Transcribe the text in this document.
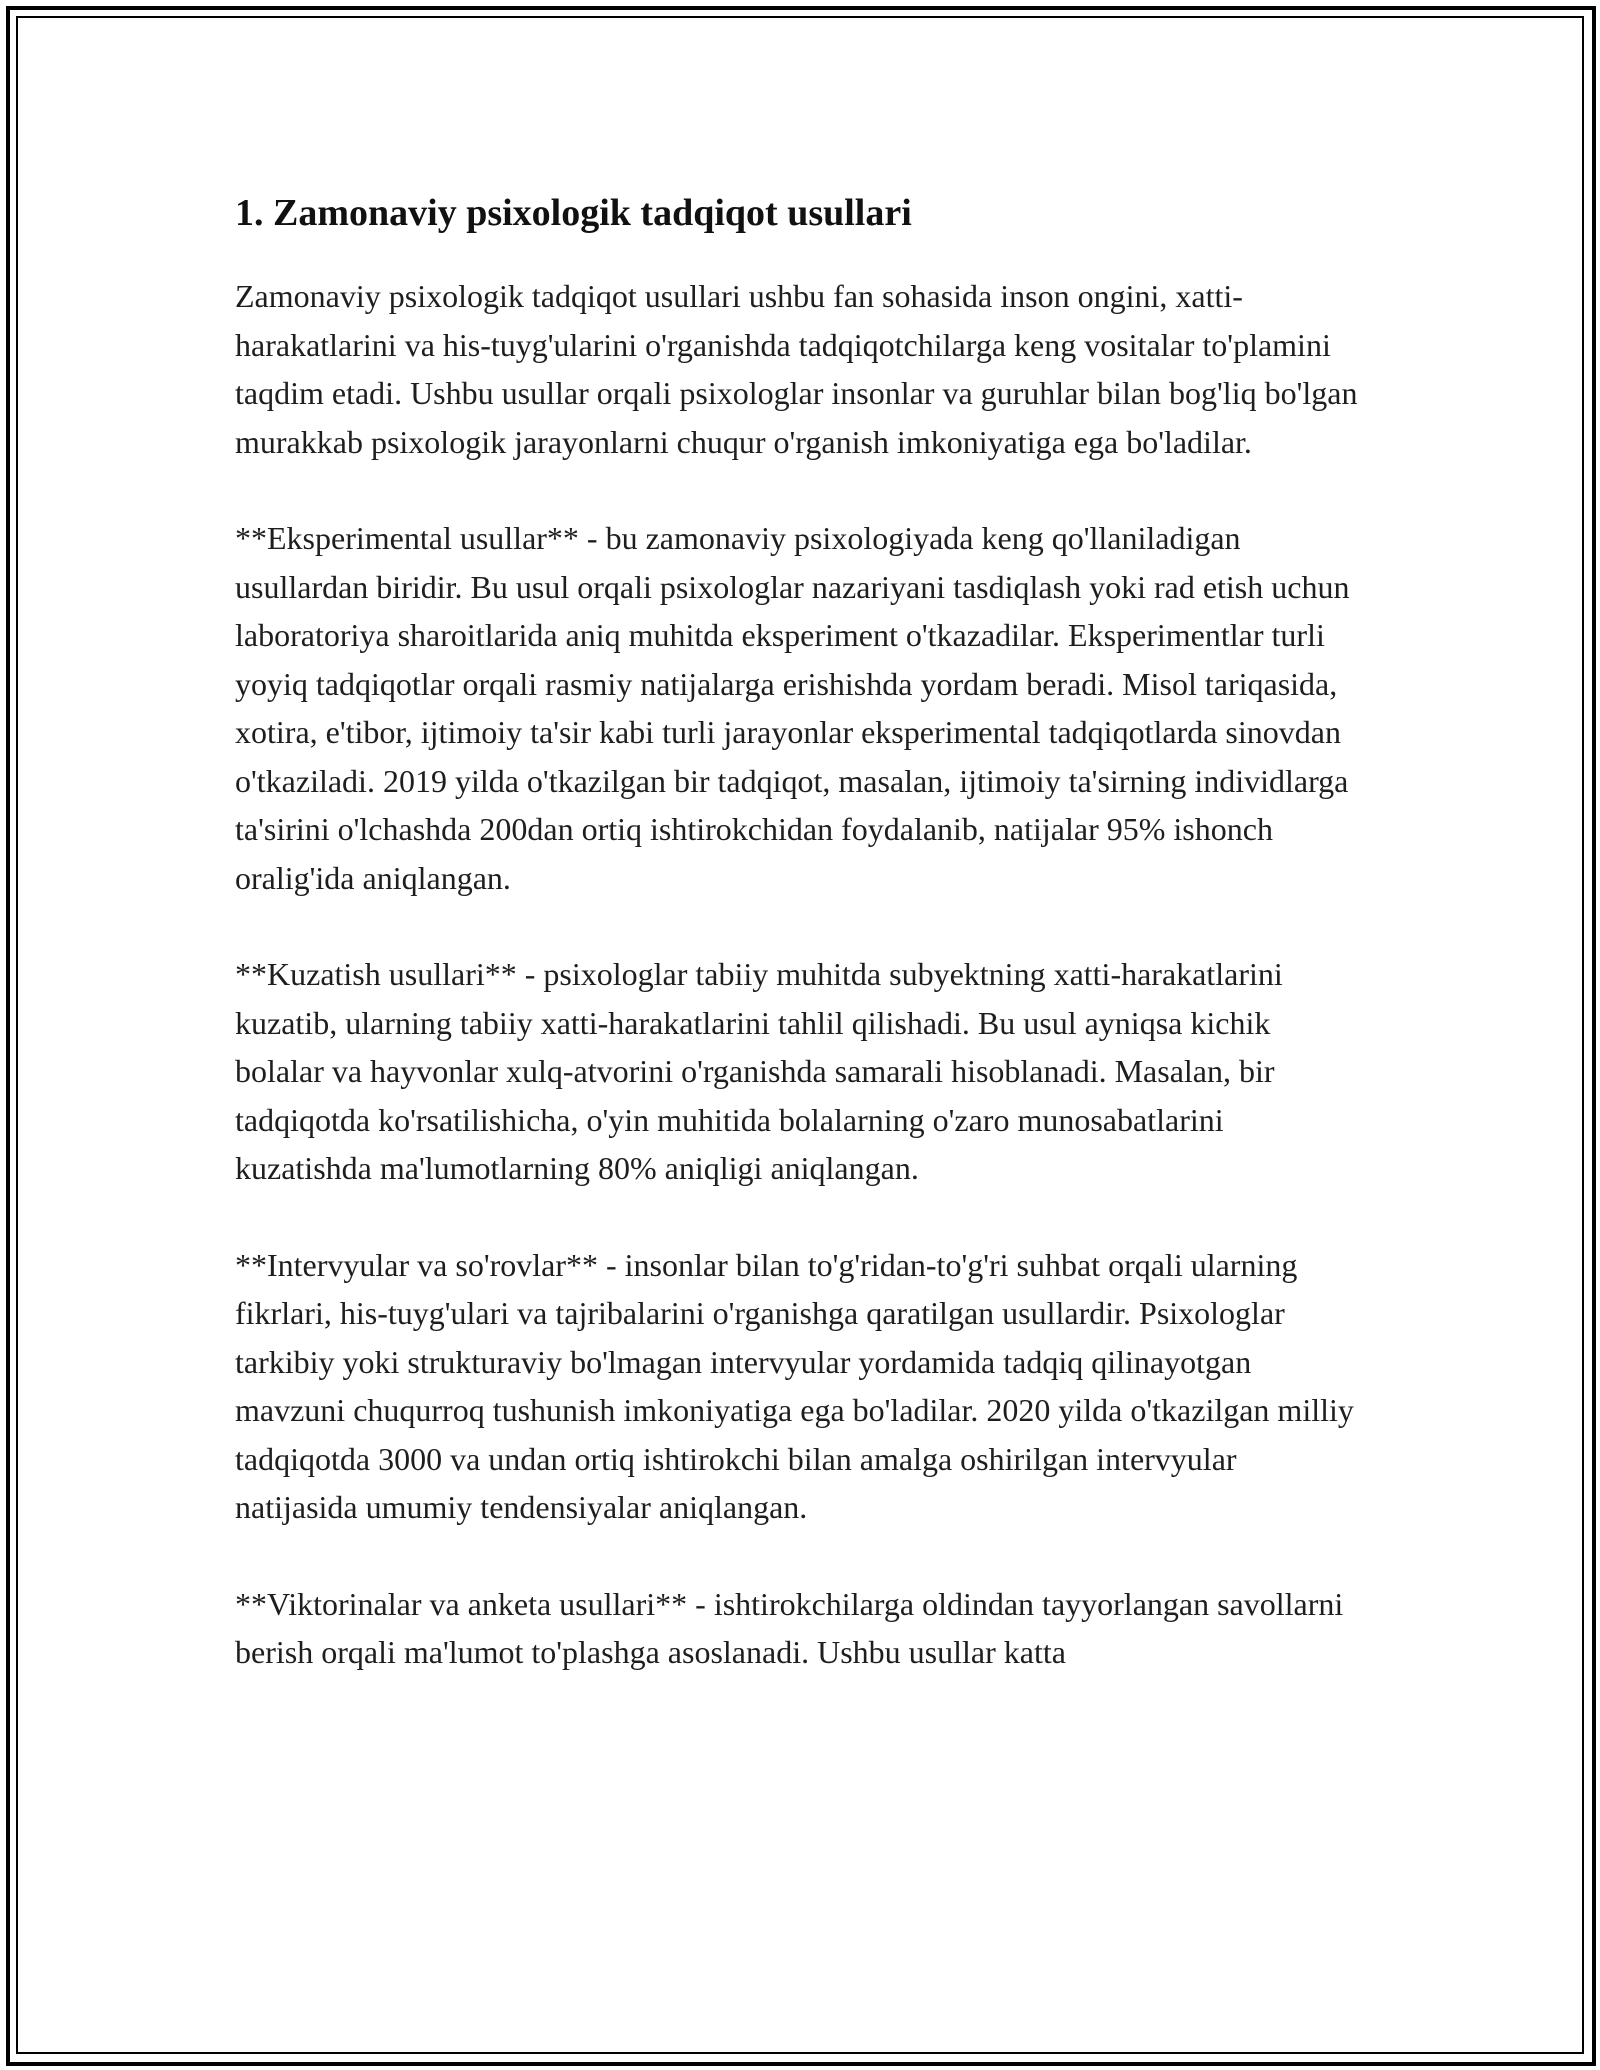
1. Zamonaviy psixologik tadqiqot usullari

Zamonaviy psixologik tadqiqot usullari ushbu fan sohasida inson ongini, xatti-harakatlarini va his-tuyg'ularini o'rganishda tadqiqotchilarga keng vositalar to'plamini taqdim etadi. Ushbu usullar orqali psixologlar insonlar va guruhlar bilan bog'liq bo'lgan murakkab psixologik jarayonlarni chuqur o'rganish imkoniyatiga ega bo'ladilar.

**Eksperimental usullar** - bu zamonaviy psixologiyada keng qo'llaniladigan usullardan biridir. Bu usul orqali psixologlar nazariyani tasdiqlash yoki rad etish uchun laboratoriya sharoitlarida aniq muhitda eksperiment o'tkazadilar. Eksperimentlar turli yoyiq tadqiqotlar orqali rasmiy natijalarga erishishda yordam beradi. Misol tariqasida, xotira, e'tibor, ijtimoiy ta'sir kabi turli jarayonlar eksperimental tadqiqotlarda sinovdan o'tkaziladi. 2019 yilda o'tkazilgan bir tadqiqot, masalan, ijtimoiy ta'sirning individlarga ta'sirini o'lchashda 200dan ortiq ishtirokchidan foydalanib, natijalar 95% ishonch oralig'ida aniqlangan.

**Kuzatish usullari** - psixologlar tabiiy muhitda subyektning xatti-harakatlarini kuzatib, ularning tabiiy xatti-harakatlarini tahlil qilishadi. Bu usul ayniqsa kichik bolalar va hayvonlar xulq-atvorini o'rganishda samarali hisoblanadi. Masalan, bir tadqiqotda ko'rsatilishicha, o'yin muhitida bolalarning o'zaro munosabatlarini kuzatishda ma'lumotlarning 80% aniqligi aniqlangan.

**Intervyular va so'rovlar** - insonlar bilan to'g'ridan-to'g'ri suhbat orqali ularning fikrlari, his-tuyg'ulari va tajribalarini o'rganishga qaratilgan usullardir. Psixologlar tarkibiy yoki strukturaviy bo'lmagan intervyular yordamida tadqiq qilinayotgan mavzuni chuqurroq tushunish imkoniyatiga ega bo'ladilar. 2020 yilda o'tkazilgan milliy tadqiqotda 3000 va undan ortiq ishtirokchi bilan amalga oshirilgan intervyular natijasida umumiy tendensiyalar aniqlangan.

**Viktorinalar va anketa usullari** - ishtirokchilarga oldindan tayyorlangan savollarni berish orqali ma'lumot to'plashga asoslanadi. Ushbu usullar katta
